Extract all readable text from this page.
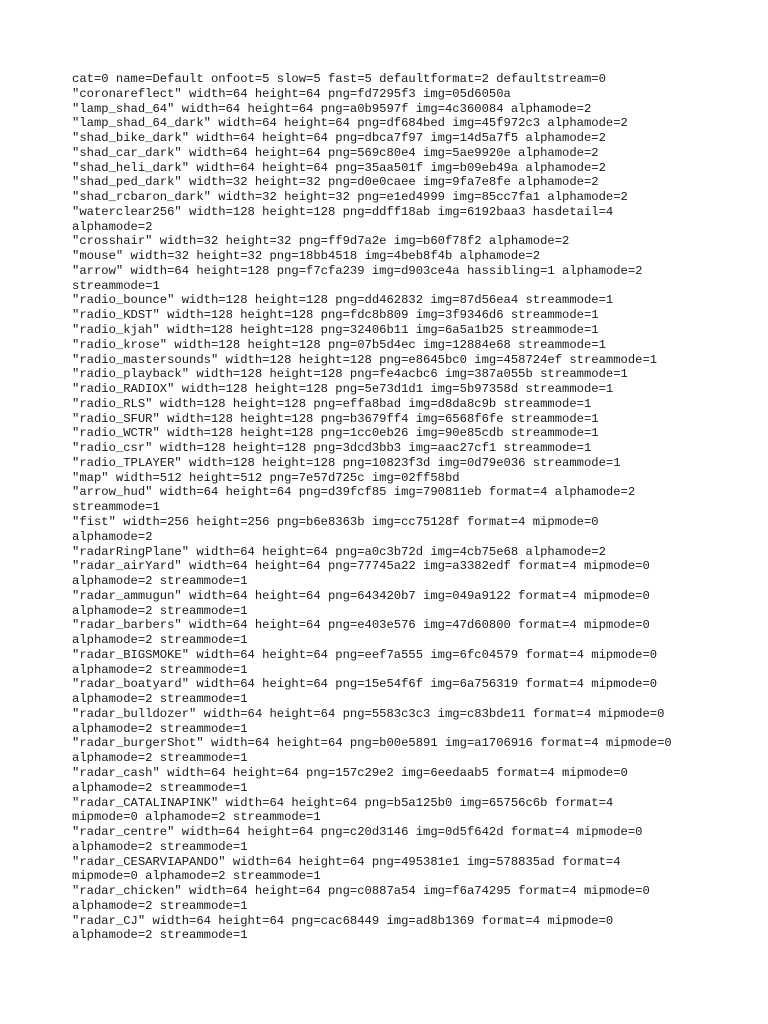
cat=0 name=Default onfoot=5 slow=5 fast=5 defaultformat=2 defaultstream=0
"coronareflect" width=64 height=64 png=fd7295f3 img=05d6050a
"lamp_shad_64" width=64 height=64 png=a0b9597f img=4c360084 alphamode=2
"lamp_shad_64_dark" width=64 height=64 png=df684bed img=45f972c3 alphamode=2
"shad_bike_dark" width=64 height=64 png=dbca7f97 img=14d5a7f5 alphamode=2
"shad_car_dark" width=64 height=64 png=569c80e4 img=5ae9920e alphamode=2
"shad_heli_dark" width=64 height=64 png=35aa501f img=b09eb49a alphamode=2
"shad_ped_dark" width=32 height=32 png=d0e0caee img=9fa7e8fe alphamode=2
"shad_rcbaron_dark" width=32 height=32 png=e1ed4999 img=85cc7fa1 alphamode=2
"waterclear256" width=128 height=128 png=ddff18ab img=6192baa3 hasdetail=4
alphamode=2
"crosshair" width=32 height=32 png=ff9d7a2e img=b60f78f2 alphamode=2
"mouse" width=32 height=32 png=18bb4518 img=4beb8f4b alphamode=2
"arrow" width=64 height=128 png=f7cfa239 img=d903ce4a hassibling=1 alphamode=2
streammode=1
"radio_bounce" width=128 height=128 png=dd462832 img=87d56ea4 streammode=1
"radio_KDST" width=128 height=128 png=fdc8b809 img=3f9346d6 streammode=1
"radio_kjah" width=128 height=128 png=32406b11 img=6a5a1b25 streammode=1
"radio_krose" width=128 height=128 png=07b5d4ec img=12884e68 streammode=1
"radio_mastersounds" width=128 height=128 png=e8645bc0 img=458724ef streammode=1
"radio_playback" width=128 height=128 png=fe4acbc6 img=387a055b streammode=1
"radio_RADIOX" width=128 height=128 png=5e73d1d1 img=5b97358d streammode=1
"radio_RLS" width=128 height=128 png=effa8bad img=d8da8c9b streammode=1
"radio_SFUR" width=128 height=128 png=b3679ff4 img=6568f6fe streammode=1
"radio_WCTR" width=128 height=128 png=1cc0eb26 img=90e85cdb streammode=1
"radio_csr" width=128 height=128 png=3dcd3bb3 img=aac27cf1 streammode=1
"radio_TPLAYER" width=128 height=128 png=10823f3d img=0d79e036 streammode=1
"map" width=512 height=512 png=7e57d725c img=02ff58bd
"arrow_hud" width=64 height=64 png=d39fcf85 img=790811eb format=4 alphamode=2
streammode=1
"fist" width=256 height=256 png=b6e8363b img=cc75128f format=4 mipmode=0
alphamode=2
"radarRingPlane" width=64 height=64 png=a0c3b72d img=4cb75e68 alphamode=2
"radar_airYard" width=64 height=64 png=77745a22 img=a3382edf format=4 mipmode=0
alphamode=2 streammode=1
"radar_ammugun" width=64 height=64 png=643420b7 img=049a9122 format=4 mipmode=0
alphamode=2 streammode=1
"radar_barbers" width=64 height=64 png=e403e576 img=47d60800 format=4 mipmode=0
alphamode=2 streammode=1
"radar_BIGSMOKE" width=64 height=64 png=eef7a555 img=6fc04579 format=4 mipmode=0
alphamode=2 streammode=1
"radar_boatyard" width=64 height=64 png=15e54f6f img=6a756319 format=4 mipmode=0
alphamode=2 streammode=1
"radar_bulldozer" width=64 height=64 png=5583c3c3 img=c83bde11 format=4 mipmode=0
alphamode=2 streammode=1
"radar_burgerShot" width=64 height=64 png=b00e5891 img=a1706916 format=4 mipmode=0
alphamode=2 streammode=1
"radar_cash" width=64 height=64 png=157c29e2 img=6eedaab5 format=4 mipmode=0
alphamode=2 streammode=1
"radar_CATALINAPINK" width=64 height=64 png=b5a125b0 img=65756c6b format=4
mipmode=0 alphamode=2 streammode=1
"radar_centre" width=64 height=64 png=c20d3146 img=0d5f642d format=4 mipmode=0
alphamode=2 streammode=1
"radar_CESARVIAPANDO" width=64 height=64 png=495381e1 img=578835ad format=4
mipmode=0 alphamode=2 streammode=1
"radar_chicken" width=64 height=64 png=c0887a54 img=f6a74295 format=4 mipmode=0
alphamode=2 streammode=1
"radar_CJ" width=64 height=64 png=cac68449 img=ad8b1369 format=4 mipmode=0
alphamode=2 streammode=1
